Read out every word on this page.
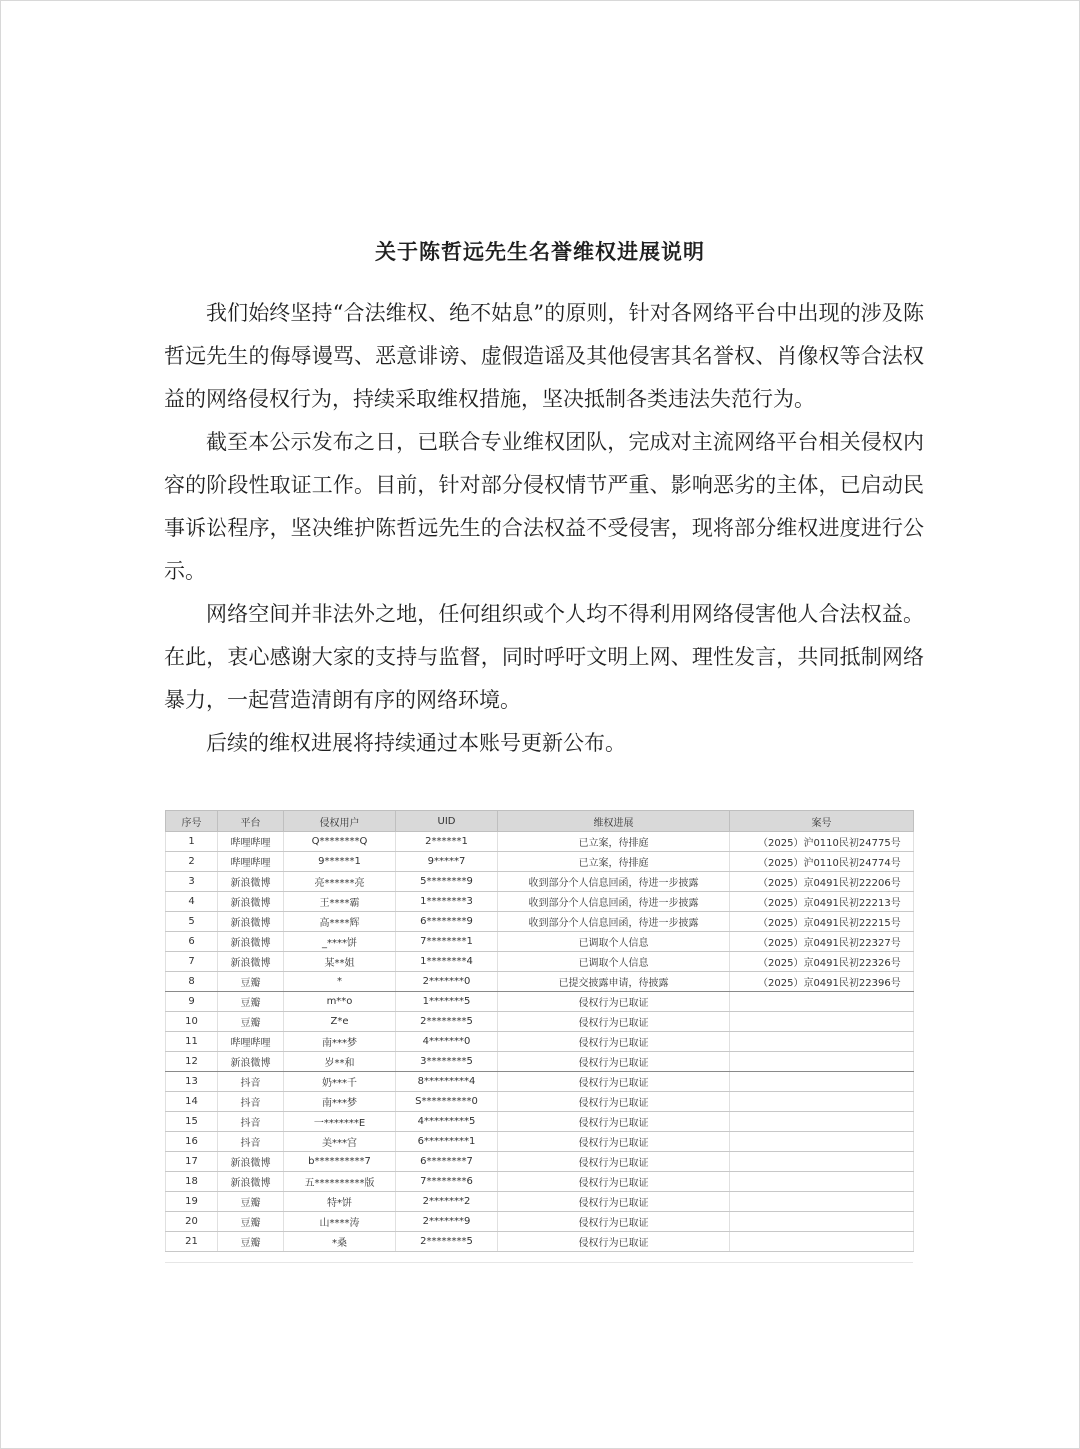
关于陈哲远先生名誉维权进展说明

我们始终坚持“合法维权、绝不姑息”的原则，针对各网络平台中出现的涉及陈哲远先生的侮辱谩骂、恶意诽谤、虚假造谣及其他侵害其名誉权、肖像权等合法权益的网络侵权行为，持续采取维权措施，坚决抵制各类违法失范行为。

截至本公示发布之日，已联合专业维权团队，完成对主流网络平台相关侵权内容的阶段性取证工作。目前，针对部分侵权情节严重、影响恶劣的主体，已启动民事诉讼程序，坚决维护陈哲远先生的合法权益不受侵害，现将部分维权进度进行公示。

网络空间并非法外之地，任何组织或个人均不得利用网络侵害他人合法权益。在此，衷心感谢大家的支持与监督，同时呼吁文明上网、理性发言，共同抵制网络暴力，一起营造清朗有序的网络环境。

后续的维权进展将持续通过本账号更新公布。

序号	平台	侵权用户	UID	维权进展	案号
1	哔哩哔哩	Q********Q	2******1	已立案，待排庭	（2025）沪0110民初24775号
2	哔哩哔哩	9******1	9*****7	已立案，待排庭	（2025）沪0110民初24774号
3	新浪微博	亮******亮	5********9	收到部分个人信息回函，待进一步披露	（2025）京0491民初22206号
4	新浪微博	王****霸	1********3	收到部分个人信息回函，待进一步披露	（2025）京0491民初22213号
5	新浪微博	高****辉	6********9	收到部分个人信息回函，待进一步披露	（2025）京0491民初22215号
6	新浪微博	_****饼	7********1	已调取个人信息	（2025）京0491民初22327号
7	新浪微博	某**姐	1********4	已调取个人信息	（2025）京0491民初22326号
8	豆瓣	*	2*******0	已提交披露申请，待披露	（2025）京0491民初22396号
9	豆瓣	m**o	1*******5	侵权行为已取证	
10	豆瓣	Z*e	2********5	侵权行为已取证	
11	哔哩哔哩	南***梦	4*******0	侵权行为已取证	
12	新浪微博	岁**和	3********5	侵权行为已取证	
13	抖音	奶***千	8*********4	侵权行为已取证	
14	抖音	南***梦	S**********0	侵权行为已取证	
15	抖音	一*******E	4*********5	侵权行为已取证	
16	抖音	美***宫	6*********1	侵权行为已取证	
17	新浪微博	b**********7	6********7	侵权行为已取证	
18	新浪微博	五**********版	7********6	侵权行为已取证	
19	豆瓣	特*饼	2*******2	侵权行为已取证	
20	豆瓣	山****涛	2*******9	侵权行为已取证	
21	豆瓣	*桑	2********5	侵权行为已取证	
